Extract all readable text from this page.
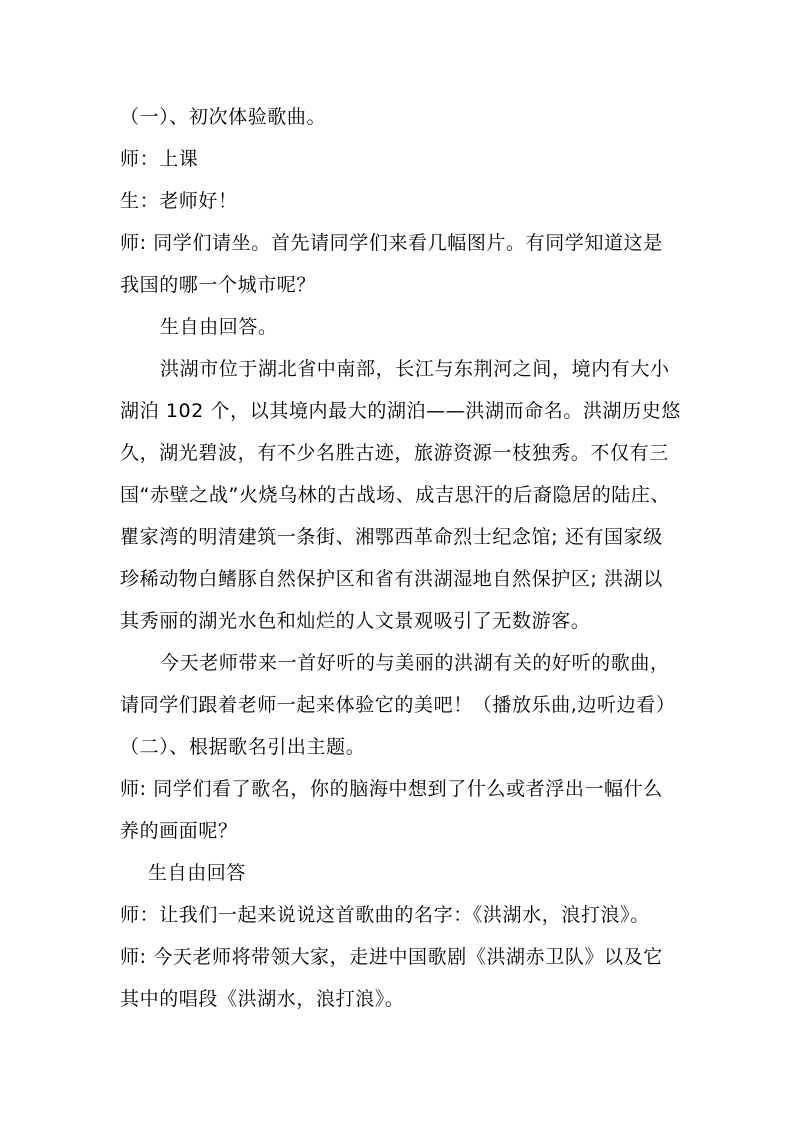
（一）、初次体验歌曲。
师：上课
生：老师好！
师: 同学们请坐。首先请同学们来看几幅图片。有同学知道这是
我国的哪一个城市呢？
生自由回答。
洪湖市位于湖北省中南部，长江与东荆河之间，境内有大小
湖泊 102 个，以其境内最大的湖泊——洪湖而命名。洪湖历史悠
久，湖光碧波，有不少名胜古迹，旅游资源一枝独秀。不仅有三
国“赤壁之战”火烧乌林的古战场、成吉思汗的后裔隐居的陆庄、
瞿家湾的明清建筑一条街、湘鄂西革命烈士纪念馆; 还有国家级
珍稀动物白鳍豚自然保护区和省有洪湖湿地自然保护区; 洪湖以
其秀丽的湖光水色和灿烂的人文景观吸引了无数游客。
今天老师带来一首好听的与美丽的洪湖有关的好听的歌曲，
请同学们跟着老师一起来体验它的美吧！（播放乐曲,边听边看）
（二）、根据歌名引出主题。
师: 同学们看了歌名，你的脑海中想到了什么或者浮出一幅什么
养的画面呢？
生自由回答
师：让我们一起来说说这首歌曲的名字：《洪湖水，浪打浪》。
师: 今天老师将带领大家，走进中国歌剧《洪湖赤卫队》以及它
其中的唱段《洪湖水，浪打浪》。
